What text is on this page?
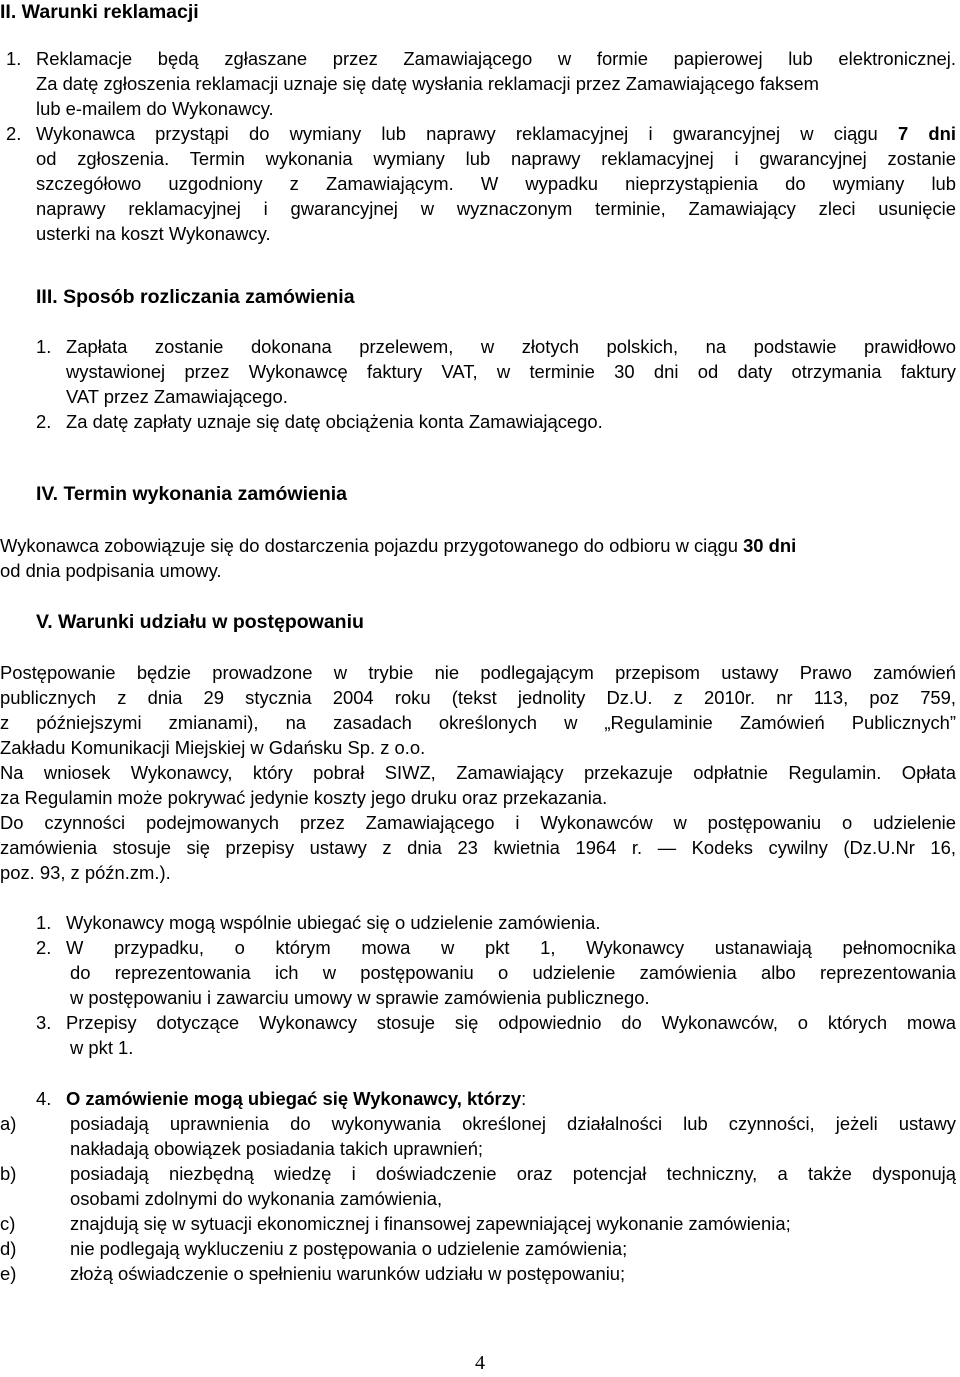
II. Warunki reklamacji
1. Reklamacje będą zgłaszane przez Zamawiającego w formie papierowej lub elektronicznej.
Za datę zgłoszenia reklamacji uznaje się datę wysłania reklamacji przez Zamawiającego faksem
lub e-mailem do Wykonawcy.
2. Wykonawca przystąpi do wymiany lub naprawy reklamacyjnej i gwarancyjnej w ciągu 7 dni
od zgłoszenia. Termin wykonania wymiany lub naprawy reklamacyjnej i gwarancyjnej zostanie
szczegółowo uzgodniony z Zamawiającym. W wypadku nieprzystąpienia do wymiany lub
naprawy reklamacyjnej i gwarancyjnej w wyznaczonym terminie, Zamawiający zleci usunięcie
usterki na koszt Wykonawcy.
III. Sposób rozliczania zamówienia
1. Zapłata zostanie dokonana przelewem, w złotych polskich, na podstawie prawidłowo
wystawionej przez Wykonawcę faktury VAT, w terminie 30 dni od daty otrzymania faktury
VAT przez Zamawiającego.
2. Za datę zapłaty uznaje się datę obciążenia konta Zamawiającego.
IV. Termin wykonania zamówienia
Wykonawca zobowiązuje się do dostarczenia pojazdu przygotowanego do odbioru w ciągu 30 dni
od dnia podpisania umowy.
V. Warunki udziału w postępowaniu
Postępowanie będzie prowadzone w trybie nie podlegającym przepisom ustawy Prawo zamówień
publicznych z dnia 29 stycznia 2004 roku (tekst jednolity Dz.U. z 2010r. nr 113, poz 759,
z późniejszymi zmianami), na zasadach określonych w „Regulaminie Zamówień Publicznych”
Zakładu Komunikacji Miejskiej w Gdańsku Sp. z o.o.
Na wniosek Wykonawcy, który pobrał SIWZ, Zamawiający przekazuje odpłatnie Regulamin. Opłata
za Regulamin może pokrywać jedynie koszty jego druku oraz przekazania.
Do czynności podejmowanych przez Zamawiającego i Wykonawców w postępowaniu o udzielenie
zamówienia stosuje się przepisy ustawy z dnia 23 kwietnia 1964 r. — Kodeks cywilny (Dz.U.Nr 16,
poz. 93, z późn.zm.).
1. Wykonawcy mogą wspólnie ubiegać się o udzielenie zamówienia.
2. W przypadku, o którym mowa w pkt 1, Wykonawcy ustanawiają pełnomocnika
do reprezentowania ich w postępowaniu o udzielenie zamówienia albo reprezentowania
w postępowaniu i zawarciu umowy w sprawie zamówienia publicznego.
3. Przepisy dotyczące Wykonawcy stosuje się odpowiednio do Wykonawców, o których mowa
w pkt 1.
4. O zamówienie mogą ubiegać się Wykonawcy, którzy:
a)	posiadają uprawnienia do wykonywania określonej działalności lub czynności, jeżeli ustawy
nakładają obowiązek posiadania takich uprawnień;
b)	posiadają niezbędną wiedzę i doświadczenie oraz potencjał techniczny, a także dysponują
osobami zdolnymi do wykonania zamówienia,
c)	znajdują się w sytuacji ekonomicznej i finansowej zapewniającej wykonanie zamówienia;
d)	nie podlegają wykluczeniu z postępowania o udzielenie zamówienia;
e)	złożą oświadczenie o spełnieniu warunków udziału w postępowaniu;
4
